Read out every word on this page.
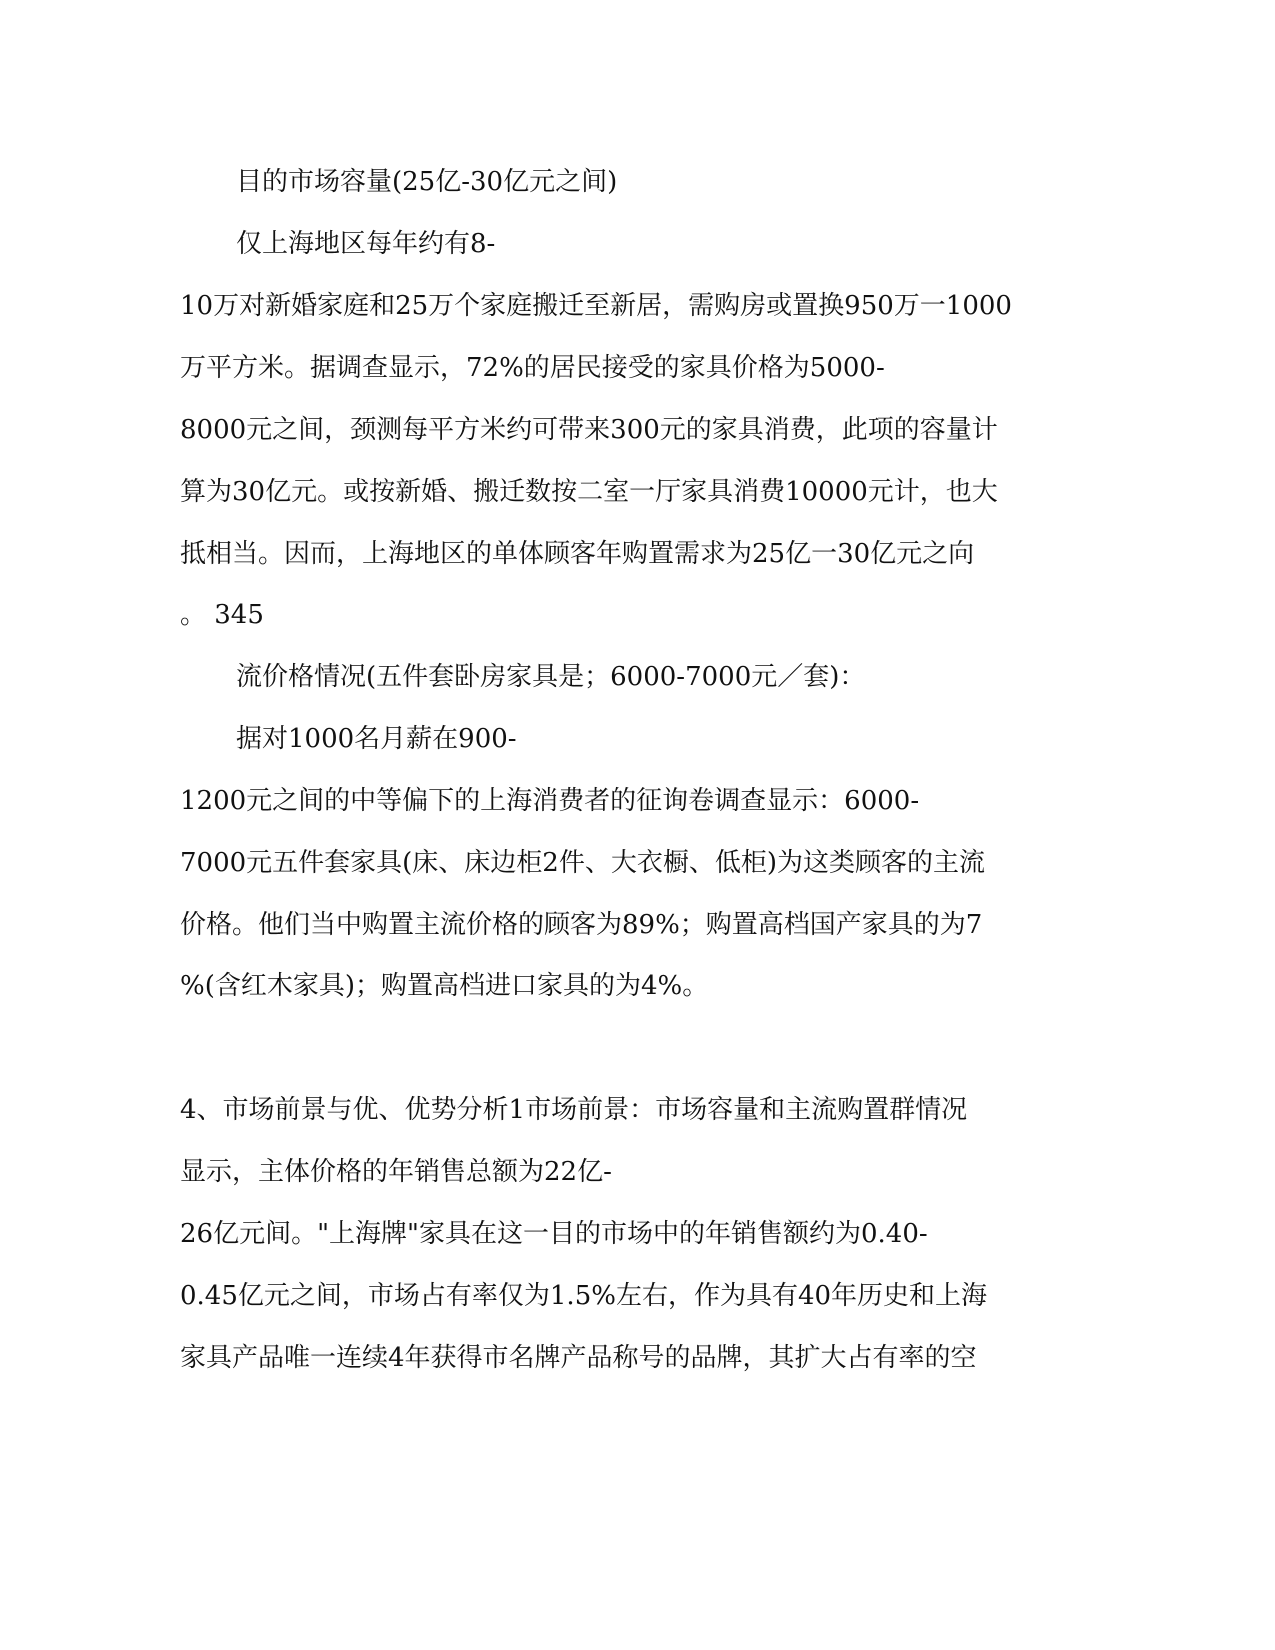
目的市场容量(25亿-30亿元之间)
仅上海地区每年约有8-
10万对新婚家庭和25万个家庭搬迁至新居，需购房或置换950万一1000
万平方米。据调查显示，72%的居民接受的家具价格为5000-
8000元之间，颈测每平方米约可带来300元的家具消费，此项的容量计
算为30亿元。或按新婚、搬迁数按二室一厅家具消费10000元计，也大
抵相当。因而，上海地区的单体顾客年购置需求为25亿一30亿元之向
。 345
流价格情况(五件套卧房家具是；6000-7000元／套)：
据对1000名月薪在900-
1200元之间的中等偏下的上海消费者的征询卷调查显示：6000-
7000元五件套家具(床、床边柜2件、大衣橱、低柜)为这类顾客的主流
价格。他们当中购置主流价格的顾客为89%；购置高档国产家具的为7
%(含红木家具)；购置高档进口家具的为4%。
4、市场前景与优、优势分析1市场前景：市场容量和主流购置群情况
显示，主体价格的年销售总额为22亿-
26亿元间。"上海牌"家具在这一目的市场中的年销售额约为0.40-
0.45亿元之间，市场占有率仅为1.5%左右，作为具有40年历史和上海
家具产品唯一连续4年获得市名牌产品称号的品牌，其扩大占有率的空
